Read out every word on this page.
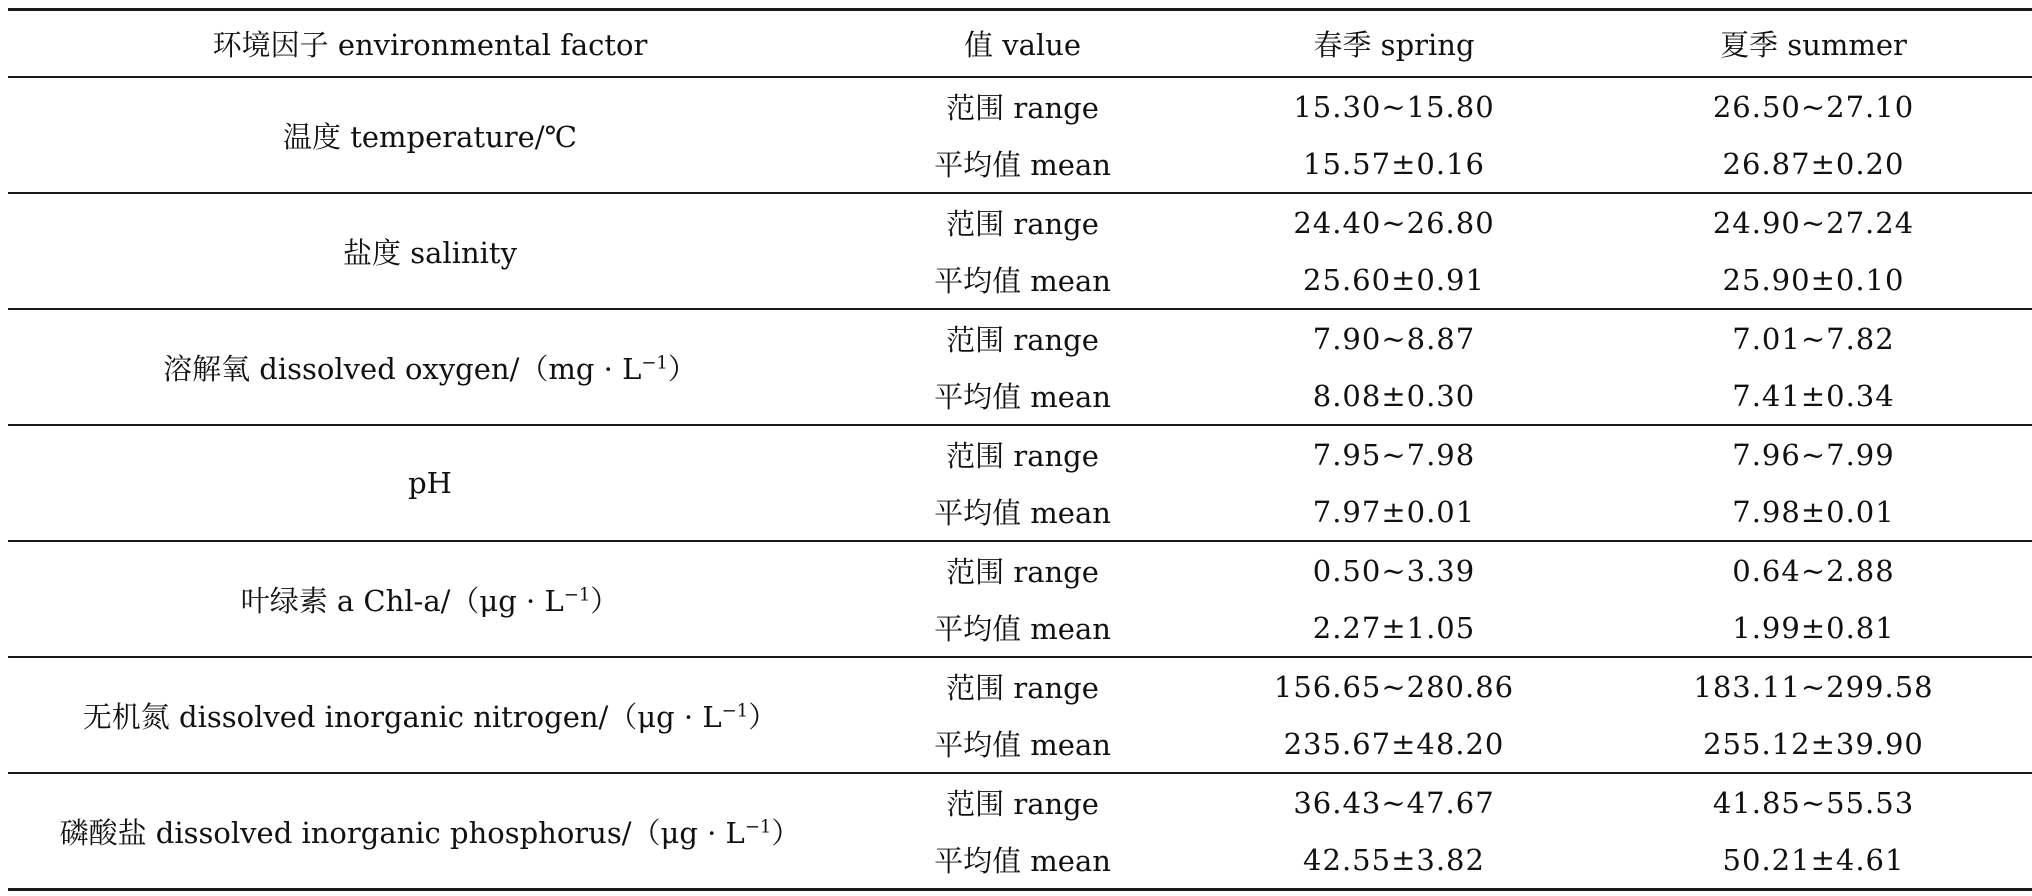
环境因子 environmental factor	值 value	春季 spring	夏季 summer
温度 temperature/℃	范围 range	15.30~15.80	26.50~27.10
	平均值 mean	15.57±0.16	26.87±0.20
盐度 salinity	范围 range	24.40~26.80	24.90~27.24
	平均值 mean	25.60±0.91	25.90±0.10
溶解氧 dissolved oxygen/（mg · $L^{-1}$）	范围 range	7.90~8.87	7.01~7.82
	平均值 mean	8.08±0.30	7.41±0.34
pH	范围 range	7.95~7.98	7.96~7.99
	平均值 mean	7.97±0.01	7.98±0.01
叶绿素 a $Chl-a/(\mu g \cdot L^{-1})$	范围 range	0.50~3.39	0.64~2.88
	平均值 mean	2.27±1.05	1.99±0.81
无机氮 dissolved inorganic nitrogen/（μg · $L^{-1}$）	范围 range	156.65~280.86	183.11~299.58
	平均值 mean	235.67±48.20	255.12±39.90
磷酸盐 dissolved inorganic phosphorus/（μg · $L^{-1}$）	范围 range	36.43~47.67	41.85~55.53
	平均值 mean	42.55±3.82	50.21±4.61
